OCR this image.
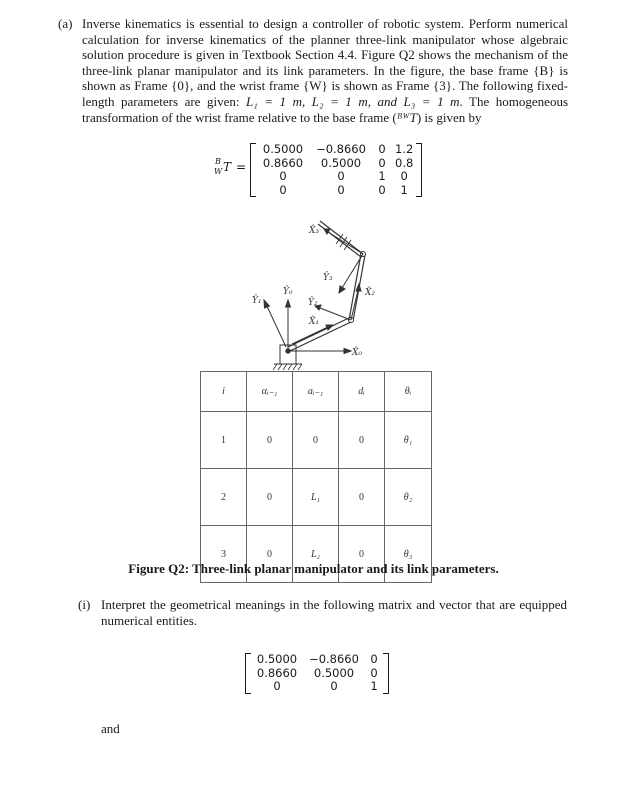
(a) Inverse kinematics is essential to design a controller of robotic system. Perform numerical calculation for inverse kinematics of the planner three-link manipulator whose algebraic solution procedure is given in Textbook Section 4.4. Figure Q2 shows the mechanism of the three-link planar manipulator and its link parameters. In the figure, the base frame {B} is shown as Frame {0}, and the wrist frame {W} is shown as Frame {3}. The following fixed-length parameters are given: L₁ = 1 m, L₂ = 1 m, and L₃ = 1 m. The homogeneous transformation of the wrist frame relative to the base frame (ᴮᵂT) is given by
B
W T =
0.5000	−0.8660	0	1.2
0.8660	0.5000	0	0.8
0	0	1	0
0	0	0	1
X̂₃
Ŷ₃
X̂₂
Ŷ₂
X̂₁
Ŷ₁
Ŷ₀
X̂₀
i	αᵢ₋₁	aᵢ₋₁	dᵢ	θᵢ
1	0	0	0	θ₁
2	0	L₁	0	θ₂
3	0	L₂	0	θ₃
Figure Q2: Three-link planar manipulator and its link parameters.
(i) Interpret the geometrical meanings in the following matrix and vector that are equipped numerical entities.
0.5000	−0.8660	0
0.8660	0.5000	0
0	0	1
and
